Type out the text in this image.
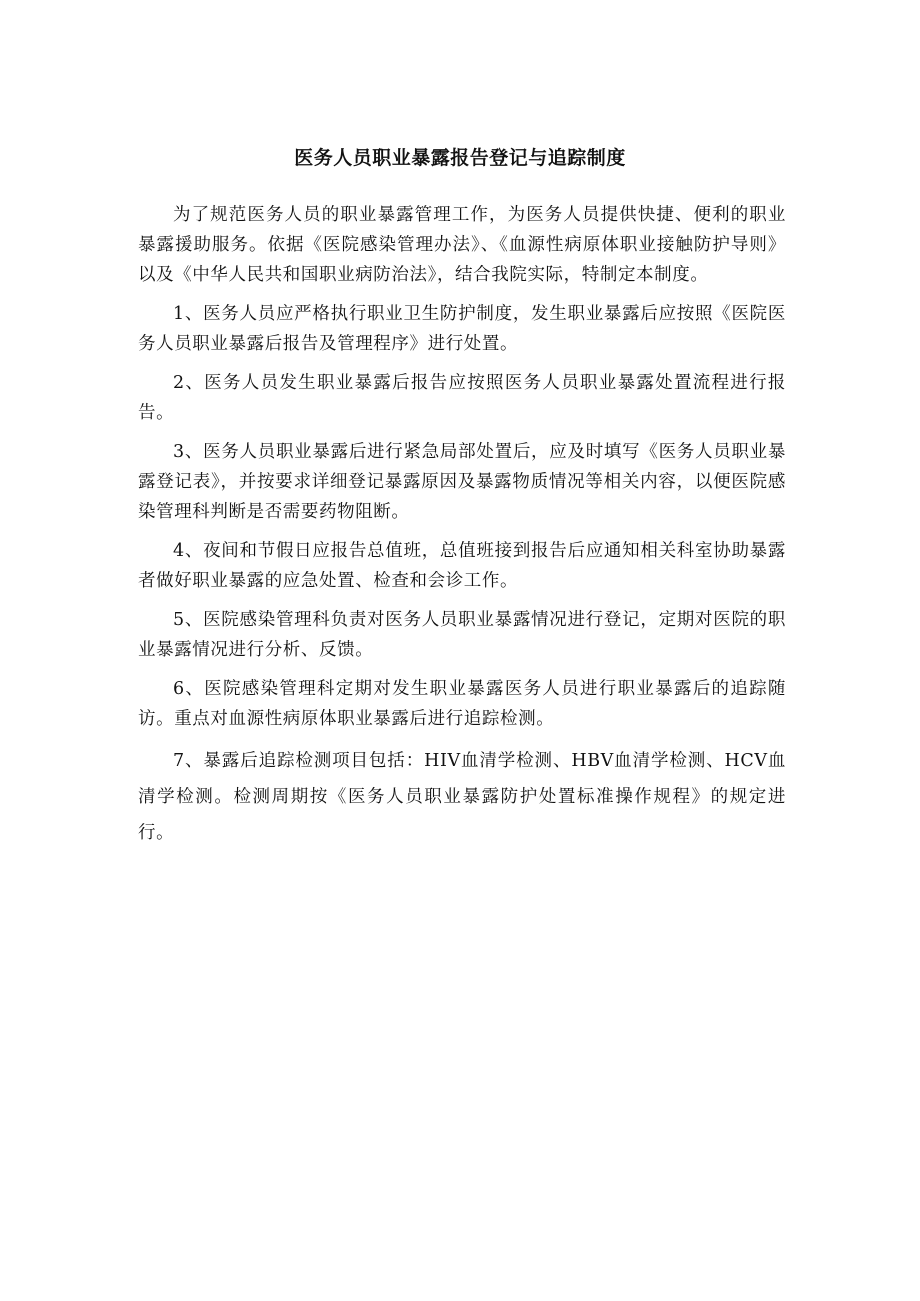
医务人员职业暴露报告登记与追踪制度

为了规范医务人员的职业暴露管理工作，为医务人员提供快捷、便利的职业暴露援助服务。依据《医院感染管理办法》、《血源性病原体职业接触防护导则》以及《中华人民共和国职业病防治法》，结合我院实际，特制定本制度。

1、医务人员应严格执行职业卫生防护制度，发生职业暴露后应按照《医院医务人员职业暴露后报告及管理程序》进行处置。

2、医务人员发生职业暴露后报告应按照医务人员职业暴露处置流程进行报告。

3、医务人员职业暴露后进行紧急局部处置后，应及时填写《医务人员职业暴露登记表》，并按要求详细登记暴露原因及暴露物质情况等相关内容，以便医院感染管理科判断是否需要药物阻断。

4、夜间和节假日应报告总值班，总值班接到报告后应通知相关科室协助暴露者做好职业暴露的应急处置、检查和会诊工作。

5、医院感染管理科负责对医务人员职业暴露情况进行登记，定期对医院的职业暴露情况进行分析、反馈。

6、医院感染管理科定期对发生职业暴露医务人员进行职业暴露后的追踪随访。重点对血源性病原体职业暴露后进行追踪检测。

7、暴露后追踪检测项目包括：HIV血清学检测、HBV血清学检测、HCV血清学检测。检测周期按《医务人员职业暴露防护处置标准操作规程》的规定进行。
